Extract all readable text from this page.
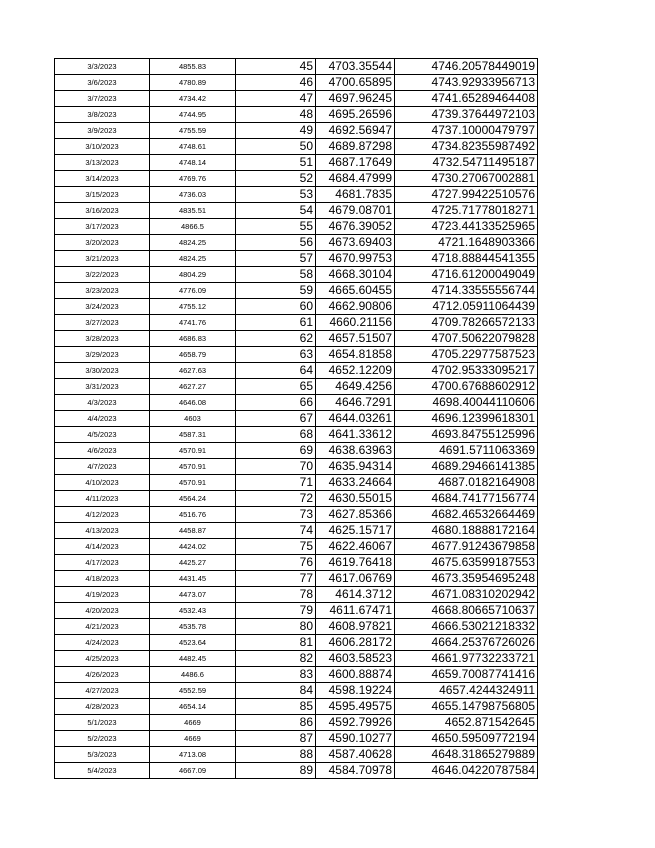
3/3/2023	4855.83	45	4703.35544	4746.20578449019
3/6/2023	4780.89	46	4700.65895	4743.92933956713
3/7/2023	4734.42	47	4697.96245	4741.65289464408
3/8/2023	4744.95	48	4695.26596	4739.37644972103
3/9/2023	4755.59	49	4692.56947	4737.10000479797
3/10/2023	4748.61	50	4689.87298	4734.82355987492
3/13/2023	4748.14	51	4687.17649	4732.54711495187
3/14/2023	4769.76	52	4684.47999	4730.27067002881
3/15/2023	4736.03	53	4681.7835	4727.99422510576
3/16/2023	4835.51	54	4679.08701	4725.71778018271
3/17/2023	4866.5	55	4676.39052	4723.44133525965
3/20/2023	4824.25	56	4673.69403	4721.1648903366
3/21/2023	4824.25	57	4670.99753	4718.88844541355
3/22/2023	4804.29	58	4668.30104	4716.61200049049
3/23/2023	4776.09	59	4665.60455	4714.33555556744
3/24/2023	4755.12	60	4662.90806	4712.05911064439
3/27/2023	4741.76	61	4660.21156	4709.78266572133
3/28/2023	4686.83	62	4657.51507	4707.50622079828
3/29/2023	4658.79	63	4654.81858	4705.22977587523
3/30/2023	4627.63	64	4652.12209	4702.95333095217
3/31/2023	4627.27	65	4649.4256	4700.67688602912
4/3/2023	4646.08	66	4646.7291	4698.40044110606
4/4/2023	4603	67	4644.03261	4696.12399618301
4/5/2023	4587.31	68	4641.33612	4693.84755125996
4/6/2023	4570.91	69	4638.63963	4691.5711063369
4/7/2023	4570.91	70	4635.94314	4689.29466141385
4/10/2023	4570.91	71	4633.24664	4687.0182164908
4/11/2023	4564.24	72	4630.55015	4684.74177156774
4/12/2023	4516.76	73	4627.85366	4682.46532664469
4/13/2023	4458.87	74	4625.15717	4680.18888172164
4/14/2023	4424.02	75	4622.46067	4677.91243679858
4/17/2023	4425.27	76	4619.76418	4675.63599187553
4/18/2023	4431.45	77	4617.06769	4673.35954695248
4/19/2023	4473.07	78	4614.3712	4671.08310202942
4/20/2023	4532.43	79	4611.67471	4668.80665710637
4/21/2023	4535.78	80	4608.97821	4666.53021218332
4/24/2023	4523.64	81	4606.28172	4664.25376726026
4/25/2023	4482.45	82	4603.58523	4661.97732233721
4/26/2023	4486.6	83	4600.88874	4659.70087741416
4/27/2023	4552.59	84	4598.19224	4657.4244324911
4/28/2023	4654.14	85	4595.49575	4655.14798756805
5/1/2023	4669	86	4592.79926	4652.871542645
5/2/2023	4669	87	4590.10277	4650.59509772194
5/3/2023	4713.08	88	4587.40628	4648.31865279889
5/4/2023	4667.09	89	4584.70978	4646.04220787584
